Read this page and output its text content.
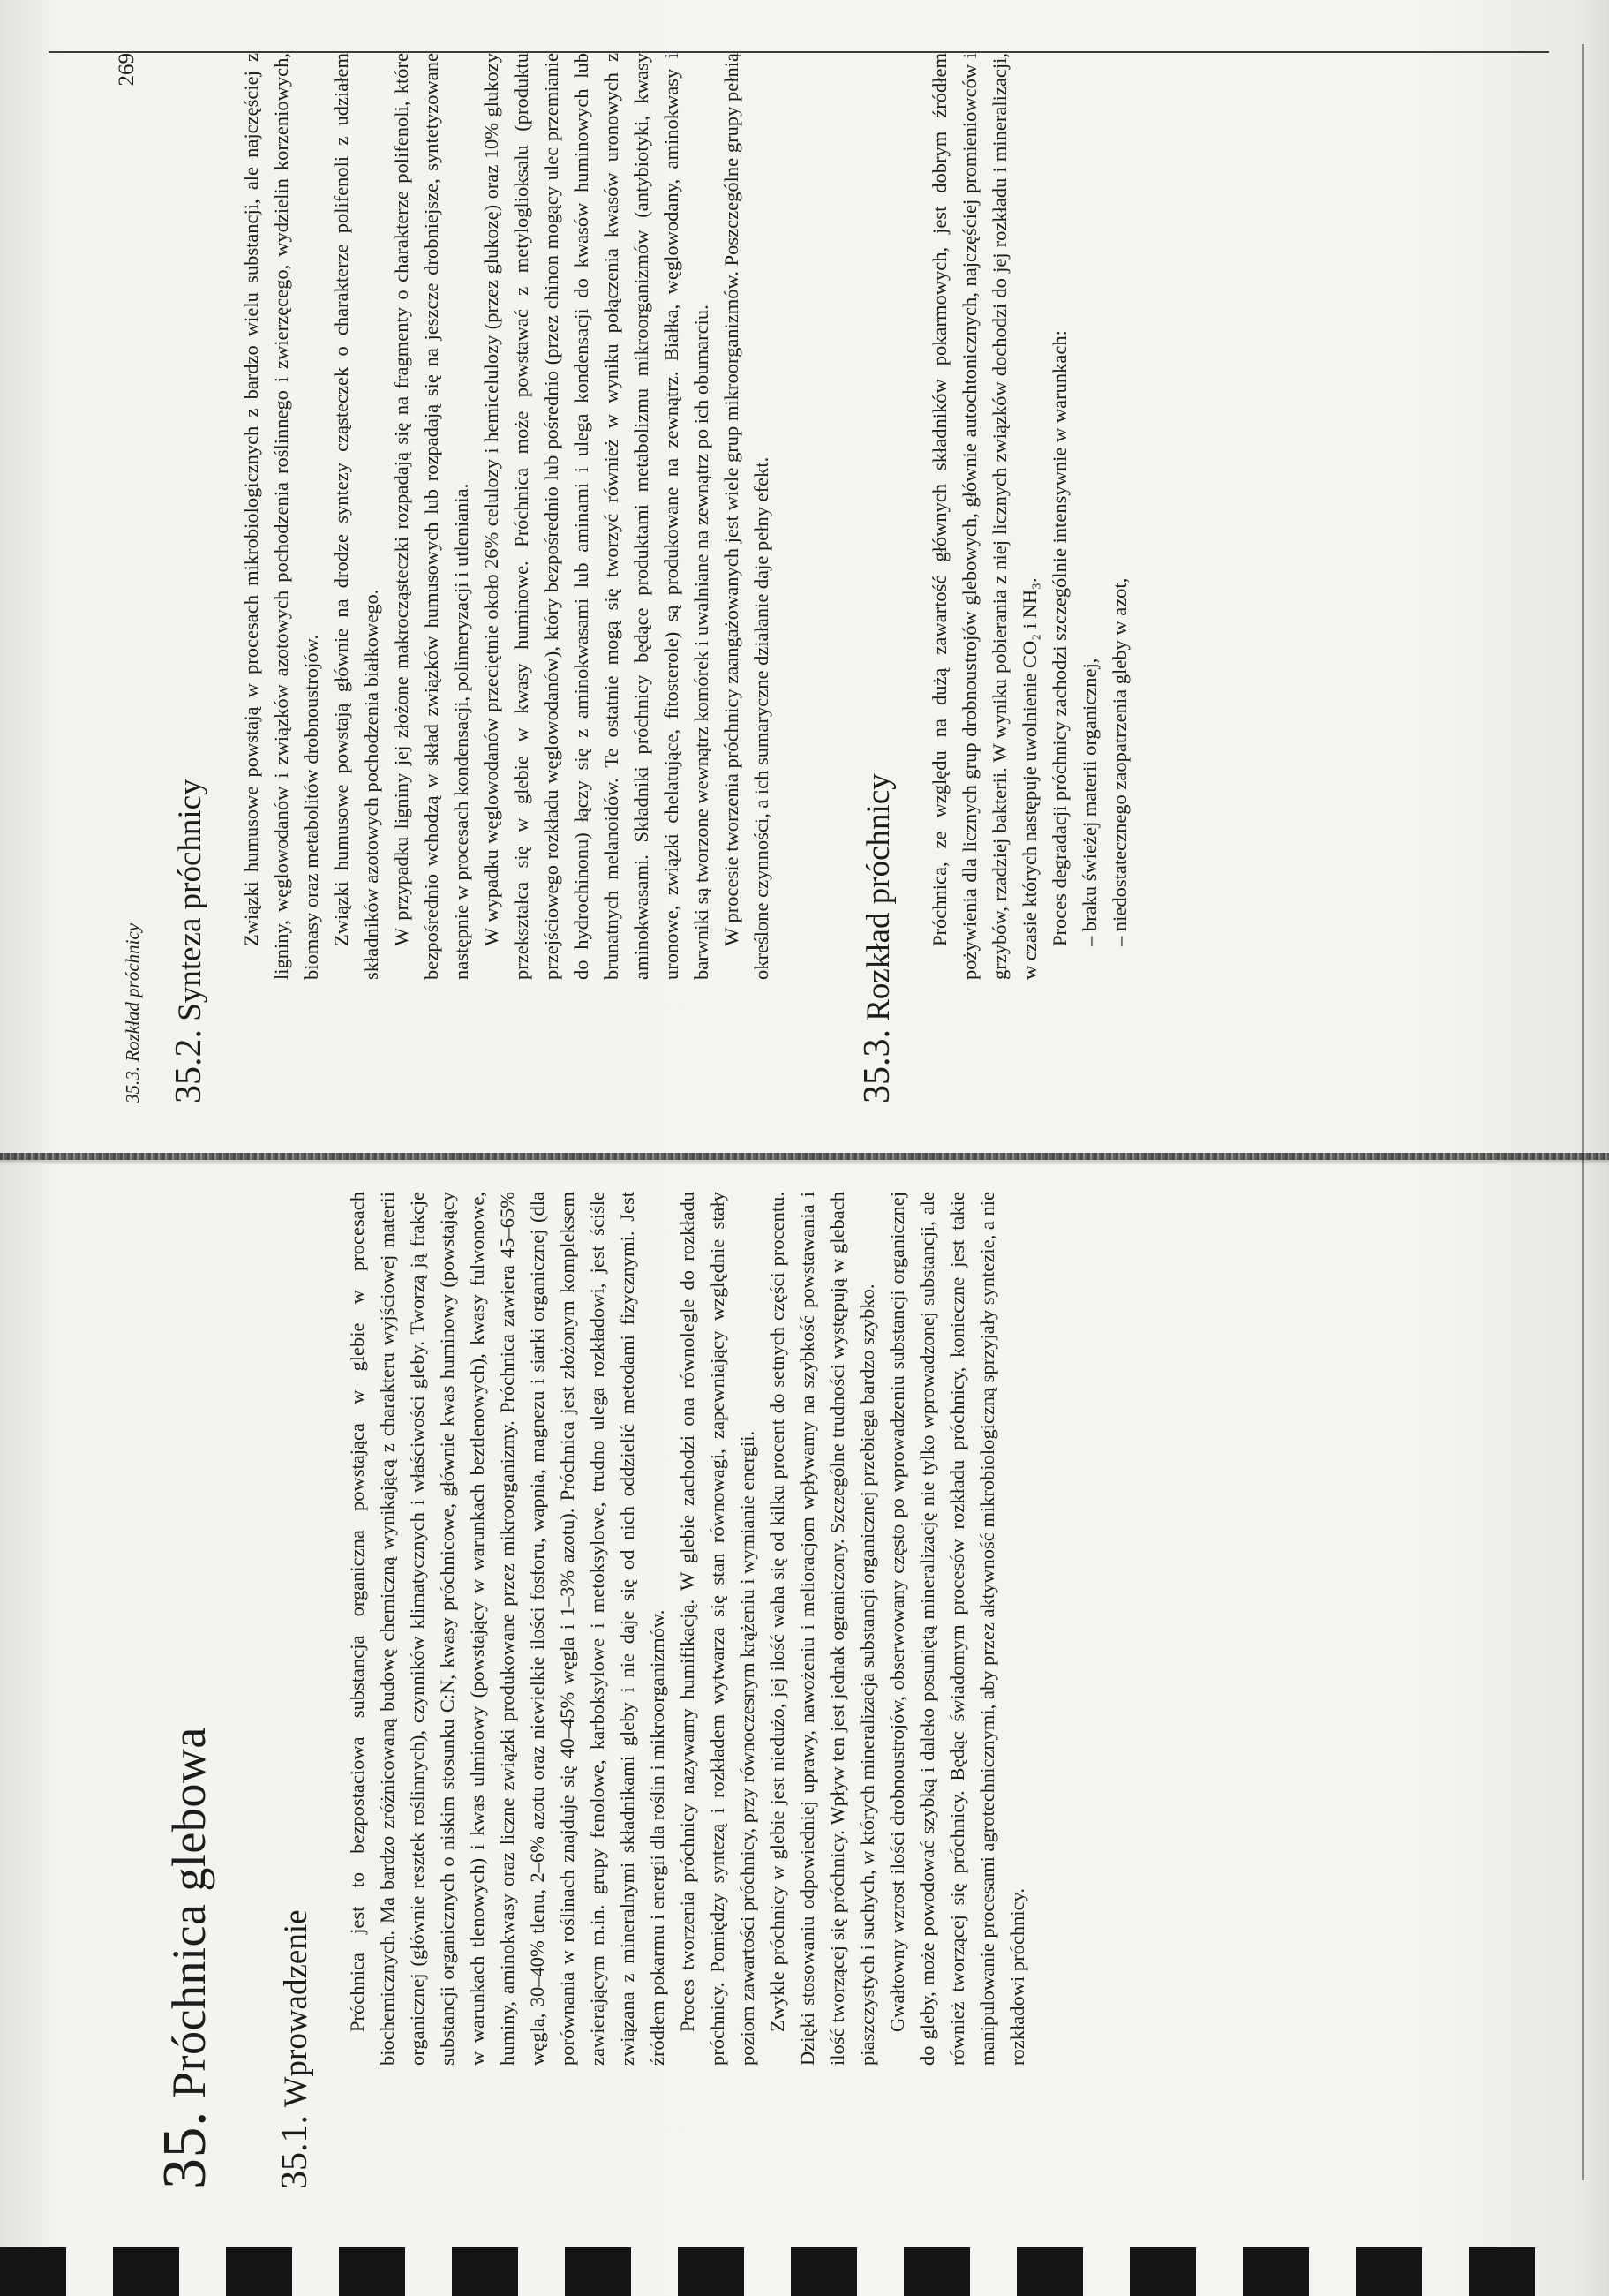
35.3. Rozkład próchnicy
269
35.2. Synteza próchnicy Związki humusowe powstają w procesach mikrobiologicznych z bardzo wielu substancji, ale najczęściej z ligniny, węglowodanów i związków azotowych pochodzenia roślinnego i zwierzęcego, wydzielin korzeniowych, biomasy oraz metabolitów drobnoustrojów. Związki humusowe powstają głównie na drodze syntezy cząsteczek o charakterze polifenoli z udziałem składników azotowych pochodzenia białkowego. W przypadku ligniny jej złożone makrocząsteczki rozpadają się na fragmenty o charakterze polifenoli, które bezpośrednio wchodzą w skład związków humusowych lub rozpadają się na jeszcze drobniejsze, syntetyzowane następnie w procesach kondensacji, polimeryzacji i utleniania. W wypadku węglowodanów przeciętnie około 26% celulozy i hemicelulozy (przez glukozę) oraz 10% glukozy przekształca się w glebie w kwasy huminowe. Próchnica może powstawać z metyloglioksalu (produktu przejściowego rozkładu węglowodanów), który bezpośrednio lub pośrednio (przez chinon mogący ulec przemianie do hydrochinonu) łączy się z aminokwasami lub aminami i ulega kondensacji do kwasów huminowych lub brunatnych melanoidów. Te ostatnie mogą się tworzyć również w wyniku połączenia kwasów uronowych z aminokwasami. Składniki próchnicy będące produktami metabolizmu mikroorganizmów (antybiotyki, kwasy uronowe, związki chelatujące, fitosterole) są produkowane na zewnątrz. Białka, węglowodany, aminokwasy i barwniki są tworzone wewnątrz komórek i uwalniane na zewnątrz po ich obumarciu. W procesie tworzenia próchnicy zaangażowanych jest wiele grup mikroorganizmów. Poszczególne grupy pełnią określone czynności, a ich sumaryczne działanie daje pełny efekt.

35.3. Rozkład próchnicy Próchnica, ze względu na dużą zawartość głównych składników pokarmowych, jest dobrym źródłem pożywienia dla licznych grup drobnoustrojów glebowych, głównie autochtonicznych, najczęściej promieniowców i grzybów, rzadziej bakterii. W wyniku pobierania z niej licznych związków dochodzi do jej rozkładu i mineralizacji, w czasie których następuje uwolnienie CO₂ i NH₃. Proces degradacji próchnicy zachodzi szczególnie intensywnie w warunkach: – braku świeżej materii organicznej, – niedostatecznego zaopatrzenia gleby w azot,
35. Próchnica glebowa
35.1. Wprowadzenie Próchnica jest to bezpostaciowa substancja organiczna powstająca w glebie w procesach biochemicznych. Ma bardzo zróżnicowaną budowę chemiczną wynikającą z charakteru wyjściowej materii organicznej (głównie resztek roślinnych), czynników klimatycznych i właściwości gleby. Tworzą ją frakcje substancji organicznych o niskim stosunku C:N, kwasy próchnicowe, głównie kwas huminowy (powstający w warunkach tlenowych) i kwas ulminowy (powstający w warunkach beztlenowych), kwasy fulwonowe, huminy, aminokwasy oraz liczne związki produkowane przez mikroorganizmy. Próchnica zawiera 45–65% węgla, 30–40% tlenu, 2–6% azotu oraz niewielkie ilości fosforu, wapnia, magnezu i siarki organicznej (dla porównania w roślinach znajduje się 40–45% węgla i 1–3% azotu). Próchnica jest złożonym kompleksem zawierającym m.in. grupy fenolowe, karboksylowe i metoksylowe, trudno ulega rozkładowi, jest ściśle związana z mineralnymi składnikami gleby i nie daje się od nich oddzielić metodami fizycznymi. Jest źródłem pokarmu i energii dla roślin i mikroorganizmów. Proces tworzenia próchnicy nazywamy humifikacją. W glebie zachodzi ona równolegle do rozkładu próchnicy. Pomiędzy syntezą i rozkładem wytwarza się stan równowagi, zapewniający względnie stały poziom zawartości próchnicy, przy równoczesnym krążeniu i wymianie energii. Zwykle próchnicy w glebie jest niedużo, jej ilość waha się od kilku procent do setnych części procentu. Dzięki stosowaniu odpowiedniej uprawy, nawożeniu i melioracjom wpływamy na szybkość powstawania i ilość tworzącej się próchnicy. Wpływ ten jest jednak ograniczony. Szczególne trudności występują w glebach piaszczystych i suchych, w których mineralizacja substancji organicznej przebiega bardzo szybko. Gwałtowny wzrost ilości drobnoustrojów, obserwowany często po wprowadzeniu substancji organicznej do gleby, może powodować szybką i daleko posuniętą mineralizację nie tylko wprowadzonej substancji, ale również tworzącej się próchnicy. Będąc świadomym procesów rozkładu próchnicy, konieczne jest takie manipulowanie procesami agrotechnicznymi, aby przez aktywność mikrobiologiczną sprzyjały syntezie, a nie rozkładowi próchnicy.
